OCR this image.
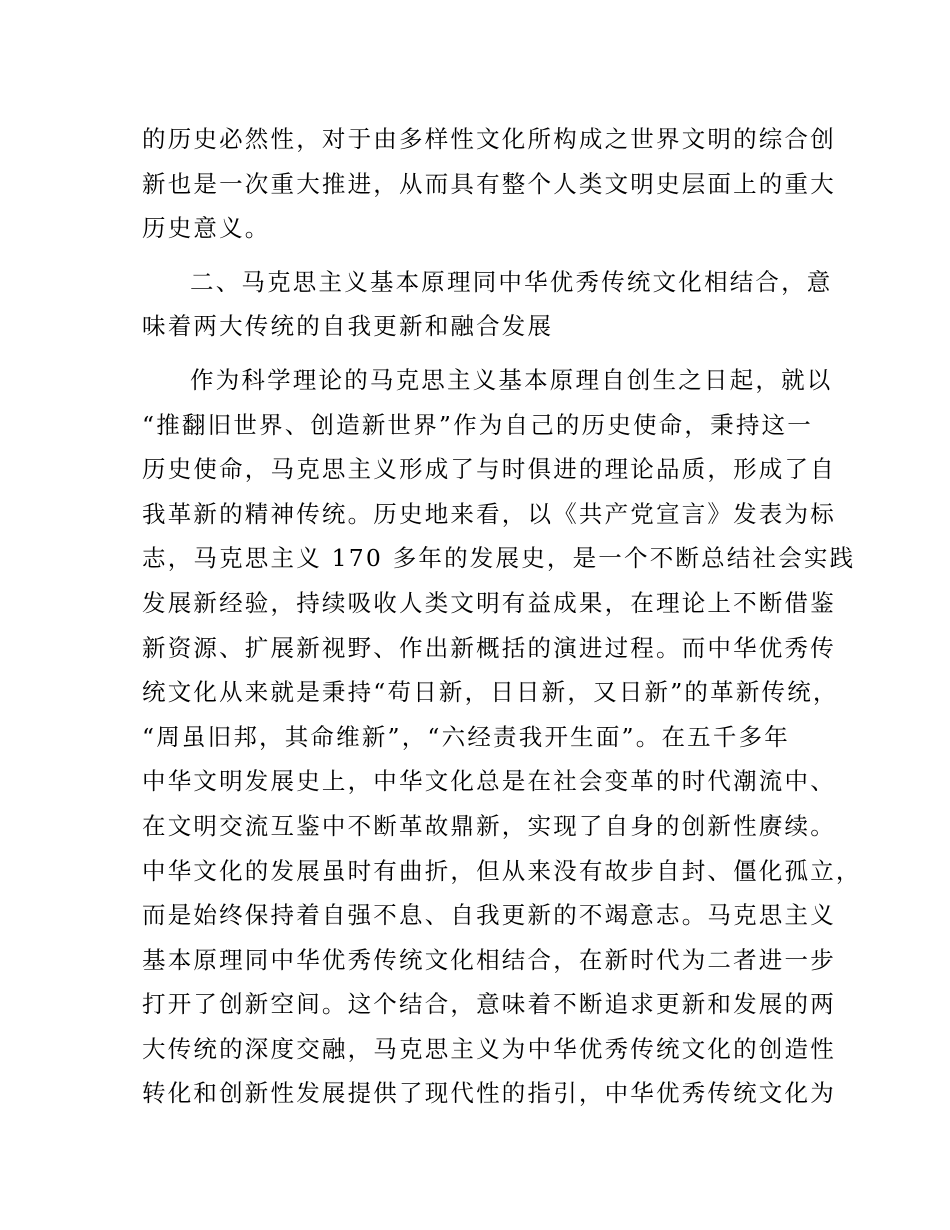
的历史必然性，对于由多样性文化所构成之世界文明的综合创
新也是一次重大推进，从而具有整个人类文明史层面上的重大
历史意义。
二、马克思主义基本原理同中华优秀传统文化相结合，意
味着两大传统的自我更新和融合发展
作为科学理论的马克思主义基本原理自创生之日起，就以
“推翻旧世界、创造新世界”作为自己的历史使命，秉持这一
历史使命，马克思主义形成了与时俱进的理论品质，形成了自
我革新的精神传统。历史地来看，以《共产党宣言》发表为标
志，马克思主义 170 多年的发展史，是一个不断总结社会实践
发展新经验，持续吸收人类文明有益成果，在理论上不断借鉴
新资源、扩展新视野、作出新概括的演进过程。而中华优秀传
统文化从来就是秉持“苟日新，日日新，又日新”的革新传统，
“周虽旧邦，其命维新”，“六经责我开生面”。在五千多年
中华文明发展史上，中华文化总是在社会变革的时代潮流中、
在文明交流互鉴中不断革故鼎新，实现了自身的创新性赓续。
中华文化的发展虽时有曲折，但从来没有故步自封、僵化孤立，
而是始终保持着自强不息、自我更新的不竭意志。马克思主义
基本原理同中华优秀传统文化相结合，在新时代为二者进一步
打开了创新空间。这个结合，意味着不断追求更新和发展的两
大传统的深度交融，马克思主义为中华优秀传统文化的创造性
转化和创新性发展提供了现代性的指引，中华优秀传统文化为
